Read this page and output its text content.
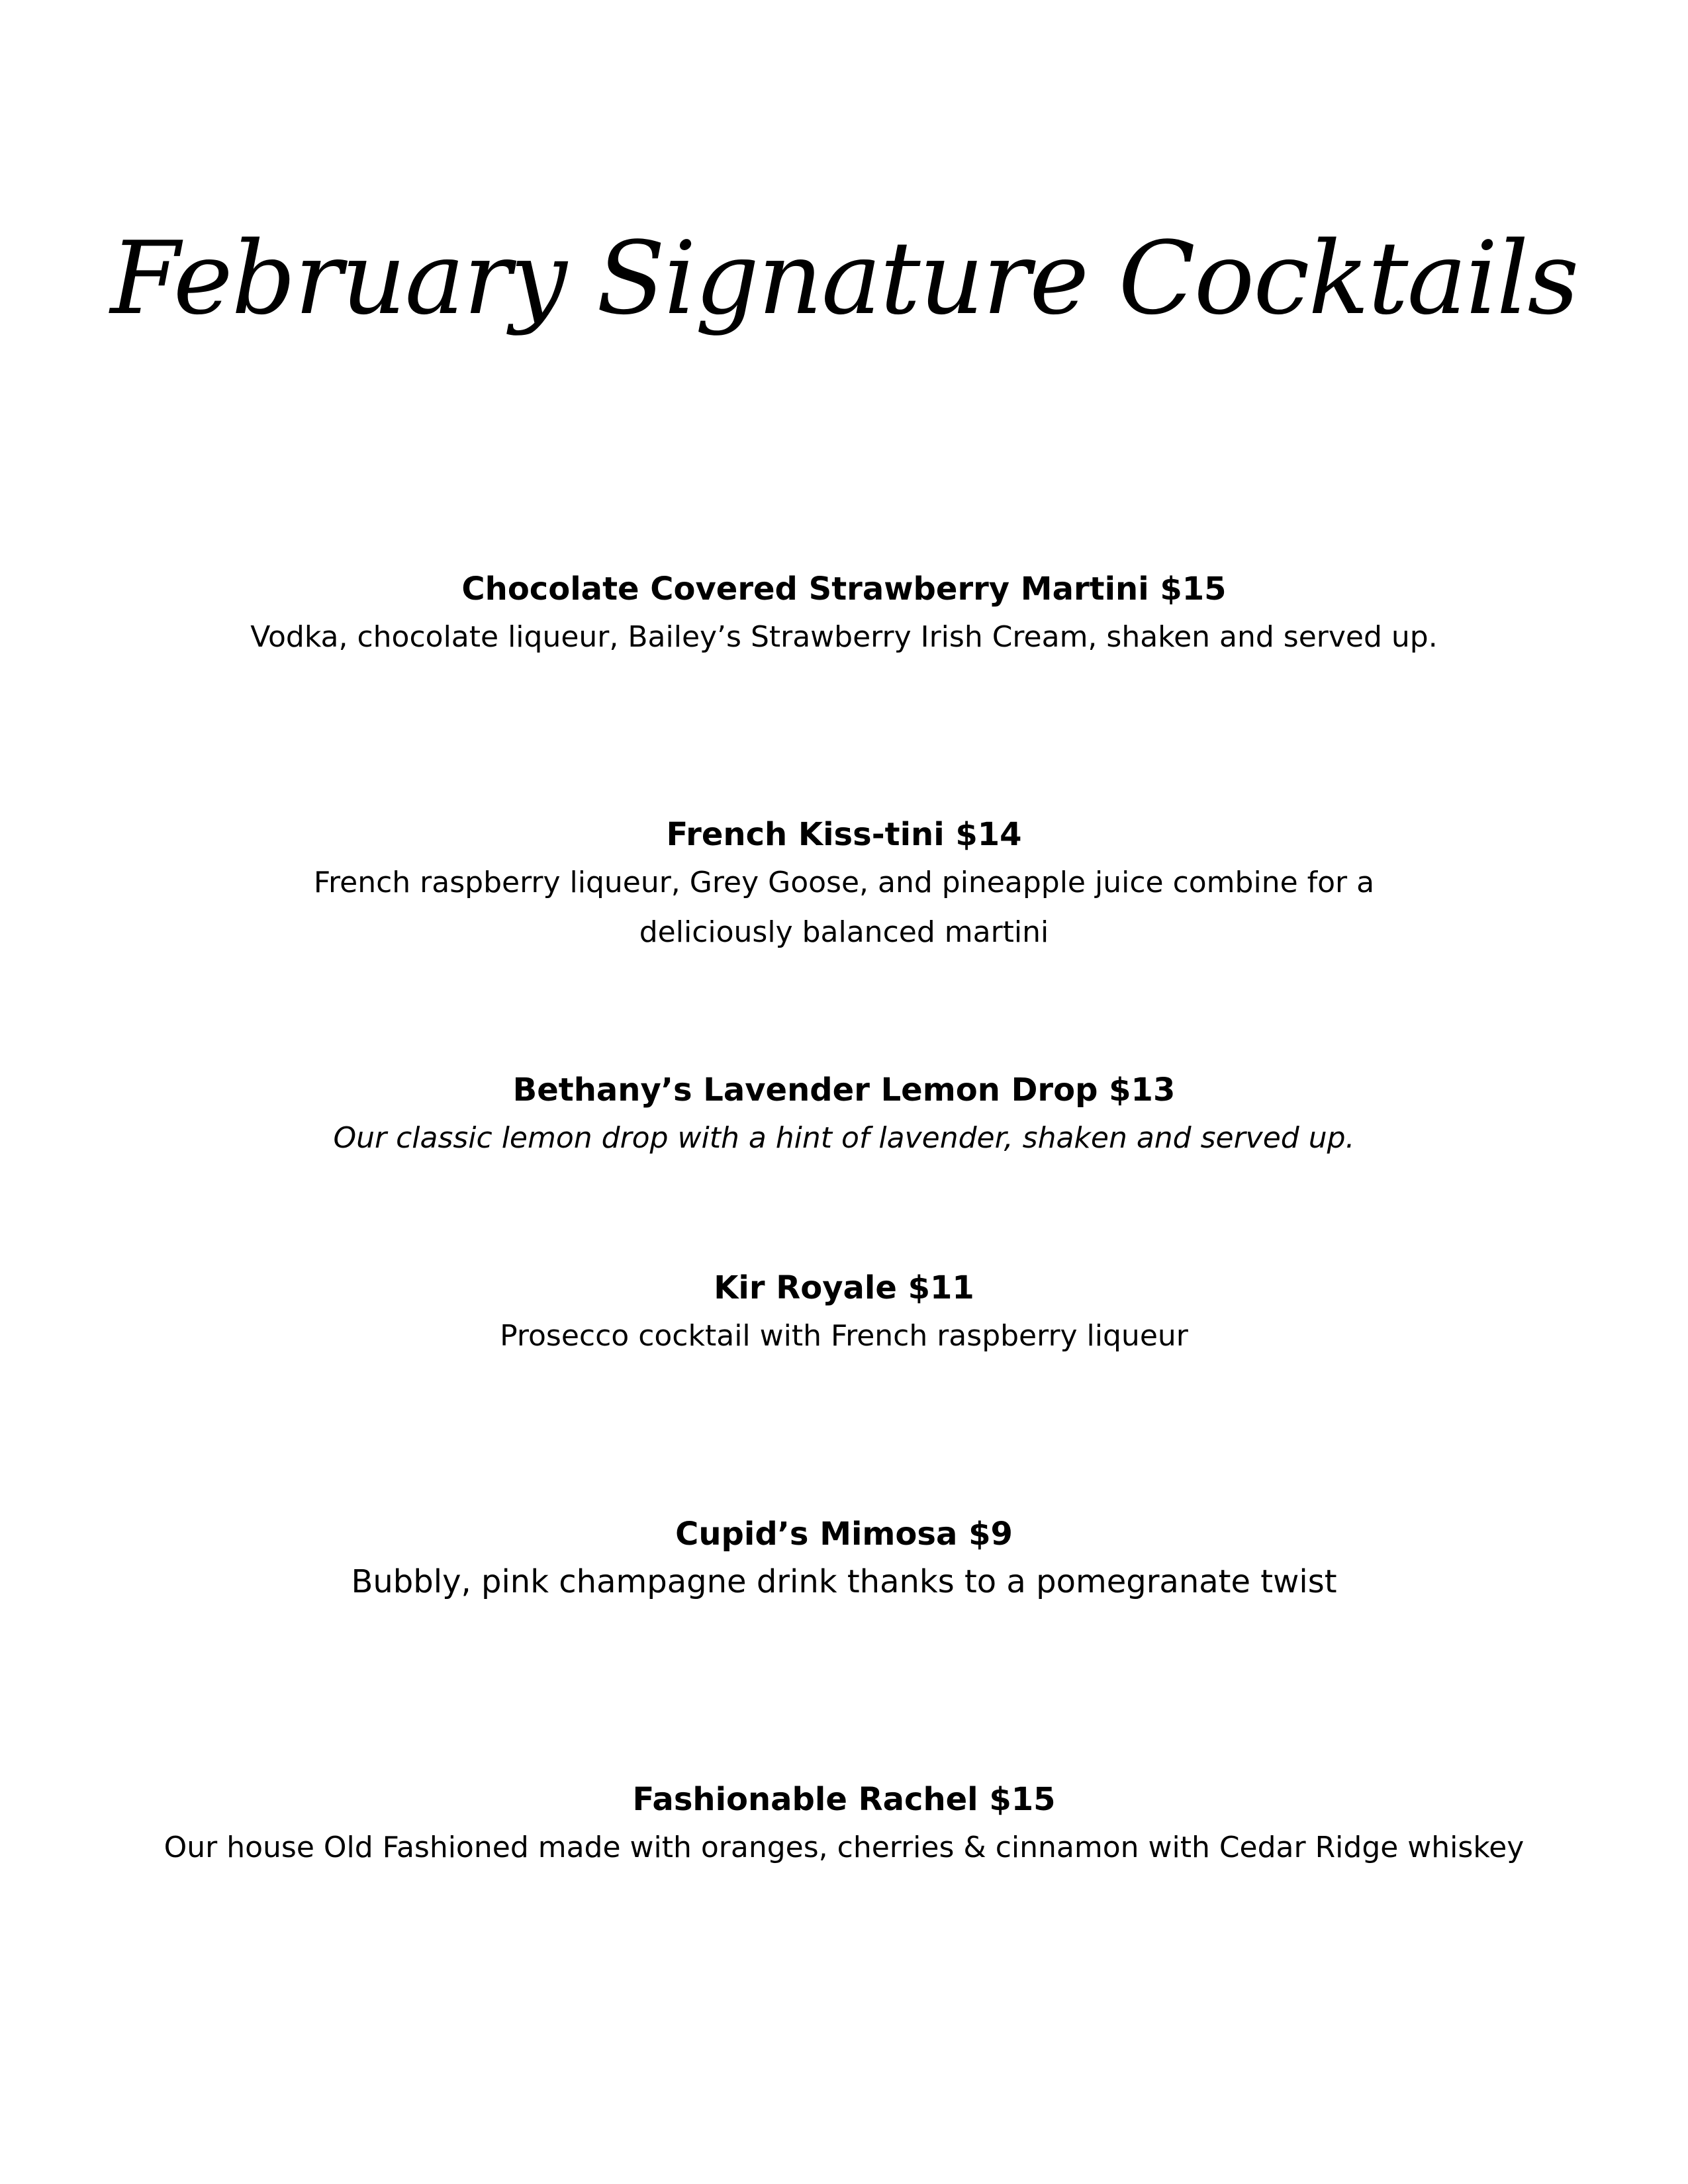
February Signature Cocktails

Chocolate Covered Strawberry Martini $15

Vodka, chocolate liqueur, Bailey’s Strawberry Irish Cream, shaken and served up.

French Kiss-tini $14

French raspberry liqueur, Grey Goose, and pineapple juice combine for a

deliciously balanced martini

Bethany’s Lavender Lemon Drop $13

Our classic lemon drop with a hint of lavender, shaken and served up.

Kir Royale $11

Prosecco cocktail with French raspberry liqueur

Cupid’s Mimosa $9

Bubbly, pink champagne drink thanks to a pomegranate twist

Fashionable Rachel $15

Our house Old Fashioned made with oranges, cherries & cinnamon with Cedar Ridge whiskey
